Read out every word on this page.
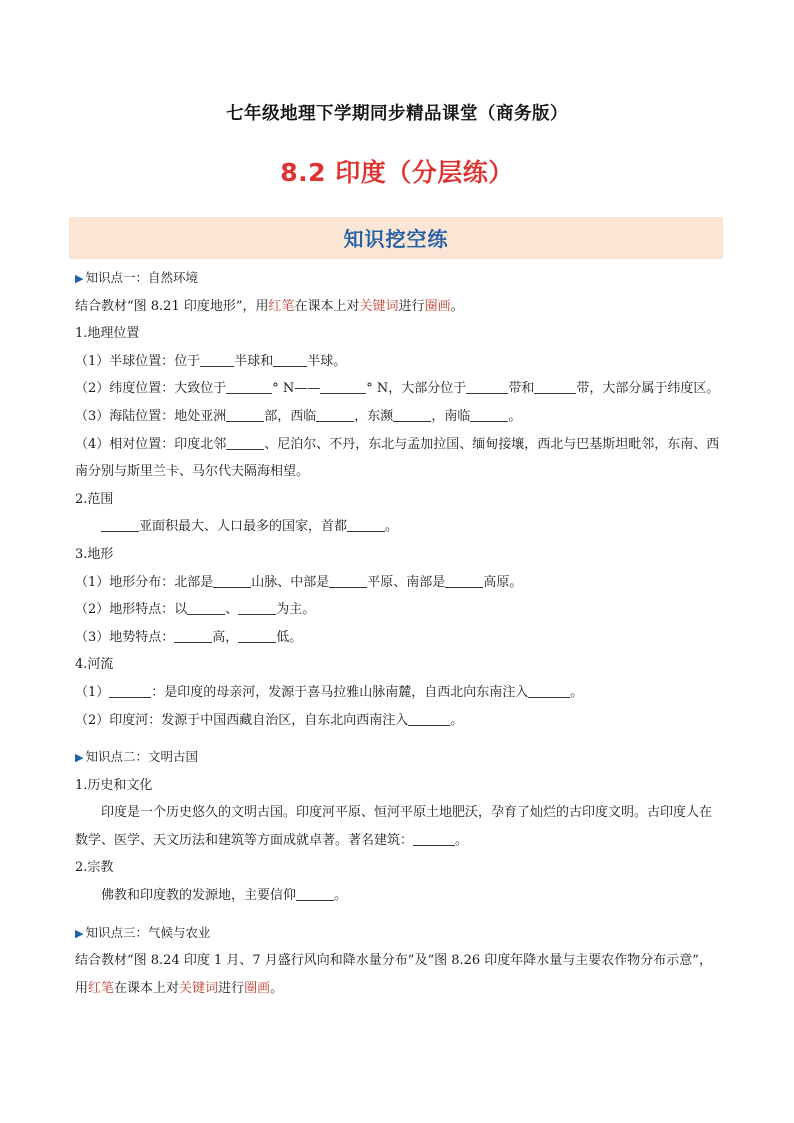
七年级地理下学期同步精品课堂（商务版）
8.2 印度（分层练）
知识挖空练
▶ 知识点一：自然环境
结合教材“图 8.21 印度地形”，用红笔在课本上对关键词进行圈画。
1.地理位置
（1）半球位置：位于	半球和	半球。
（2）纬度位置：大致位于	° N——	° N，大部分位于	带和	带，大部分属于纬度区。
（3）海陆位置：地处亚洲	部，西临	，东濒	，南临	。
（4）相对位置：印度北邻	、尼泊尔、不丹，东北与孟加拉国、缅甸接壤，西北与巴基斯坦毗邻，东南、西南分别与斯里兰卡、马尔代夫隔海相望。
2.范围
亚面积最大、人口最多的国家，首都	。
3.地形
（1）地形分布：北部是	山脉、中部是	平原、南部是	高原。
（2）地形特点：以	、	为主。
（3）地势特点：	高，	低。
4.河流
（1）	：是印度的母亲河，发源于喜马拉雅山脉南麓，自西北向东南注入	。
（2）印度河：发源于中国西藏自治区，自东北向西南注入	。
▶ 知识点二：文明古国
1.历史和文化
印度是一个历史悠久的文明古国。印度河平原、恒河平原土地肥沃，孕育了灿烂的古印度文明。古印度人在数学、医学、天文历法和建筑等方面成就卓著。著名建筑：	。
2.宗教
佛教和印度教的发源地，主要信仰	。
▶ 知识点三：气候与农业
结合教材“图 8.24 印度 1 月、7 月盛行风向和降水量分布”及“图 8.26 印度年降水量与主要农作物分布示意”，用红笔在课本上对关键词进行圈画。
